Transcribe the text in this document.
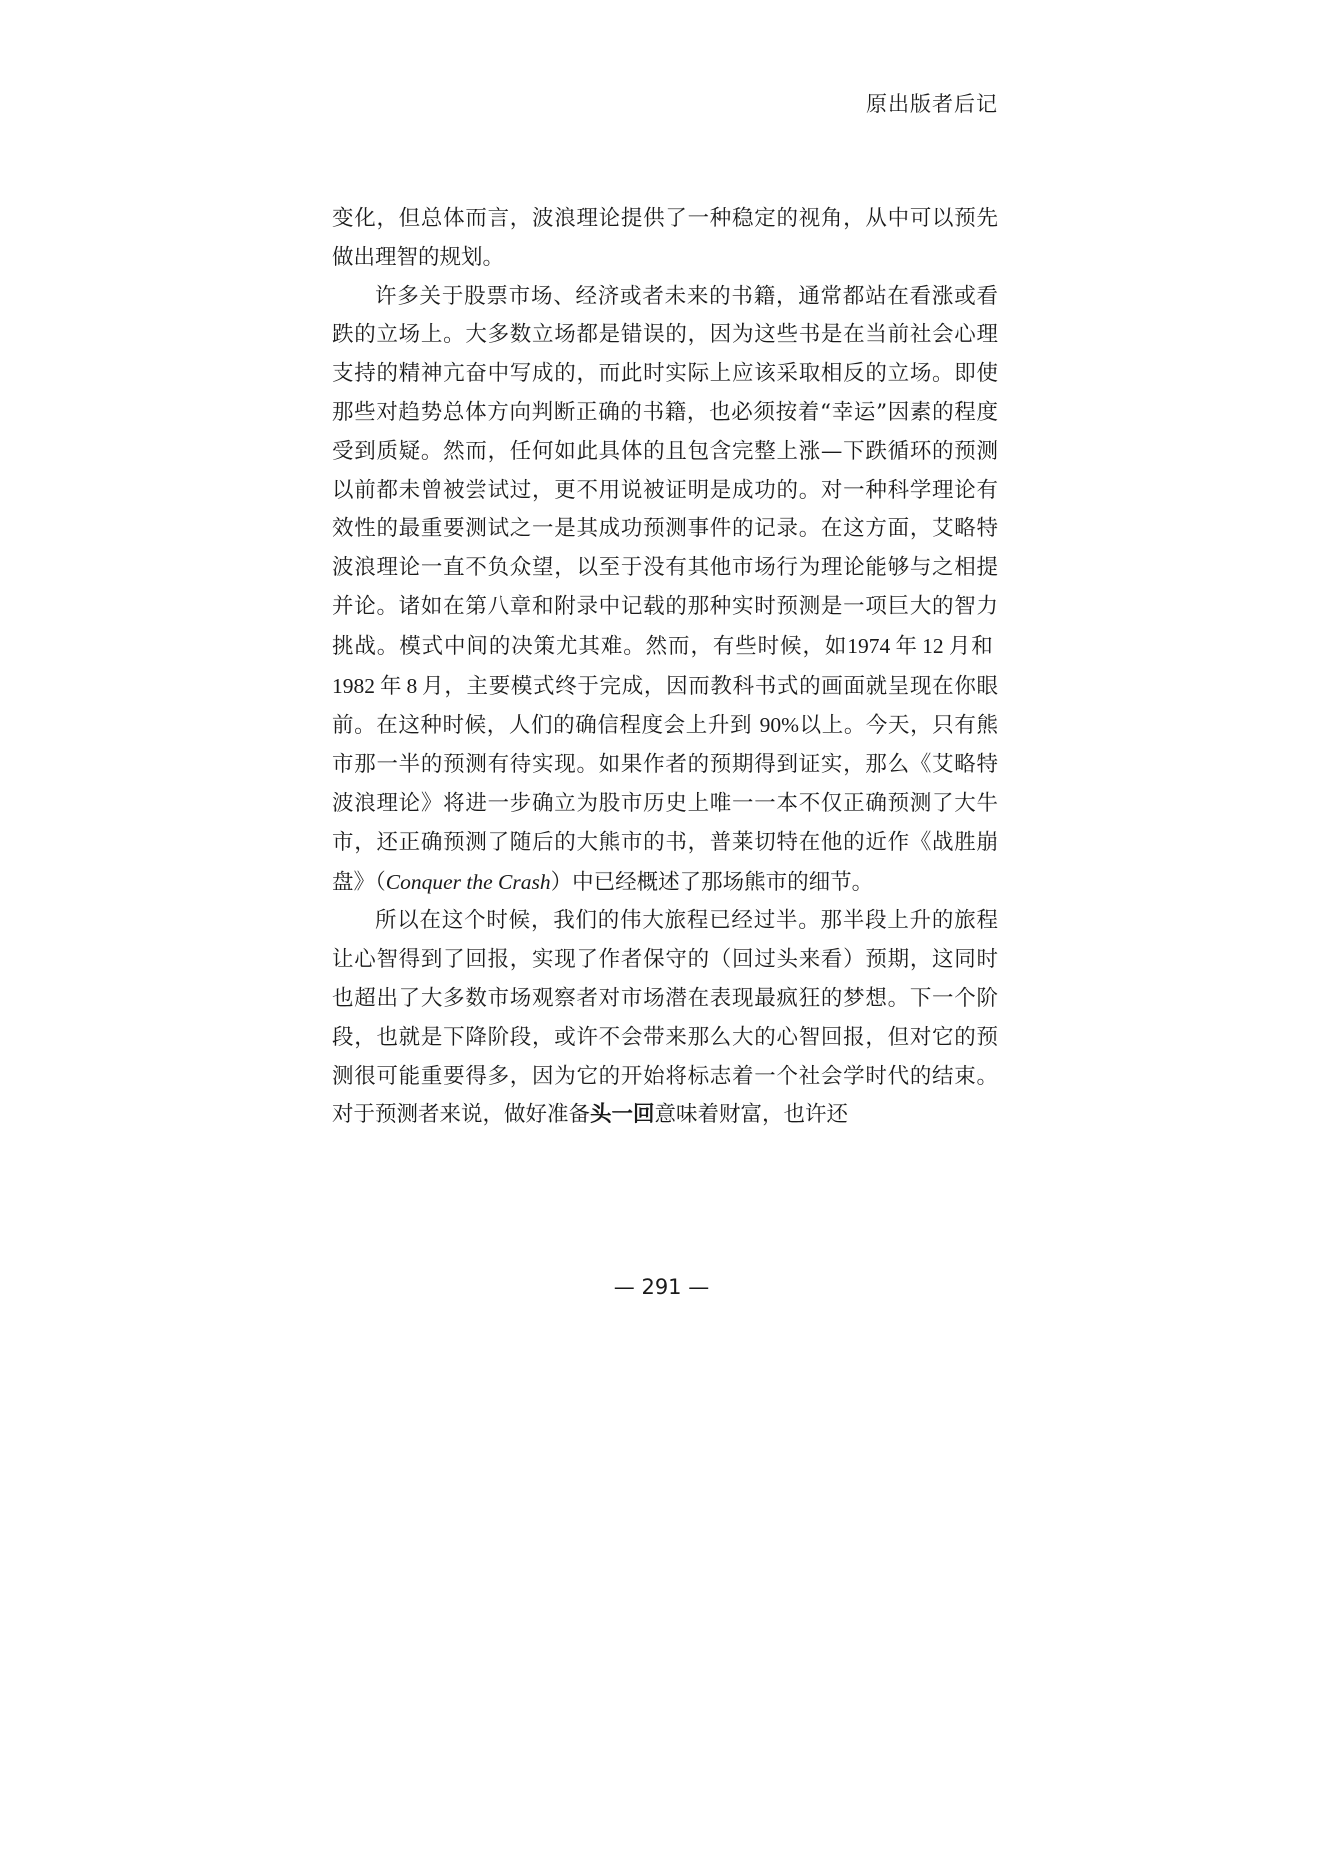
原出版者后记

变化，但总体而言，波浪理论提供了一种稳定的视角，从中可以预先做出理智的规划。

许多关于股票市场、经济或者未来的书籍，通常都站在看涨或看跌的立场上。大多数立场都是错误的，因为这些书是在当前社会心理支持的精神亢奋中写成的，而此时实际上应该采取相反的立场。即使那些对趋势总体方向判断正确的书籍，也必须按着“幸运”因素的程度受到质疑。然而，任何如此具体的且包含完整上涨—下跌循环的预测以前都未曾被尝试过，更不用说被证明是成功的。对一种科学理论有效性的最重要测试之一是其成功预测事件的记录。在这方面，艾略特波浪理论一直不负众望，以至于没有其他市场行为理论能够与之相提并论。诸如在第八章和附录中记载的那种实时预测是一项巨大的智力挑战。模式中间的决策尤其难。然而，有些时候，如1974  年  12  月和 1982  年  8  月，主要模式终于完成，因而教科书式的画面就呈现在你眼前。在这种时候，人们的确信程度会上升到 90%以上。今天，只有熊市那一半的预测有待实现。如果作者的预期得到证实，那么《艾略特波浪理论》将进一步确立为股市历史上唯一一本不仅正确预测了大牛市，还正确预测了随后的大熊市的书，普莱切特在他的近作《战胜崩盘》（Conquer the Crash）中已经概述了那场熊市的细节。

所以在这个时候，我们的伟大旅程已经过半。那半段上升的旅程让心智得到了回报，实现了作者保守的（回过头来看）预期，这同时也超出了大多数市场观察者对市场潜在表现最疯狂的梦想。下一个阶段，也就是下降阶段，或许不会带来那么大的心智回报，但对它的预测很可能重要得多，因为它的开始将标志着一个社会学时代的结束。对于预测者来说，做好准备头一回意味着财富，也许还

— 291 —
